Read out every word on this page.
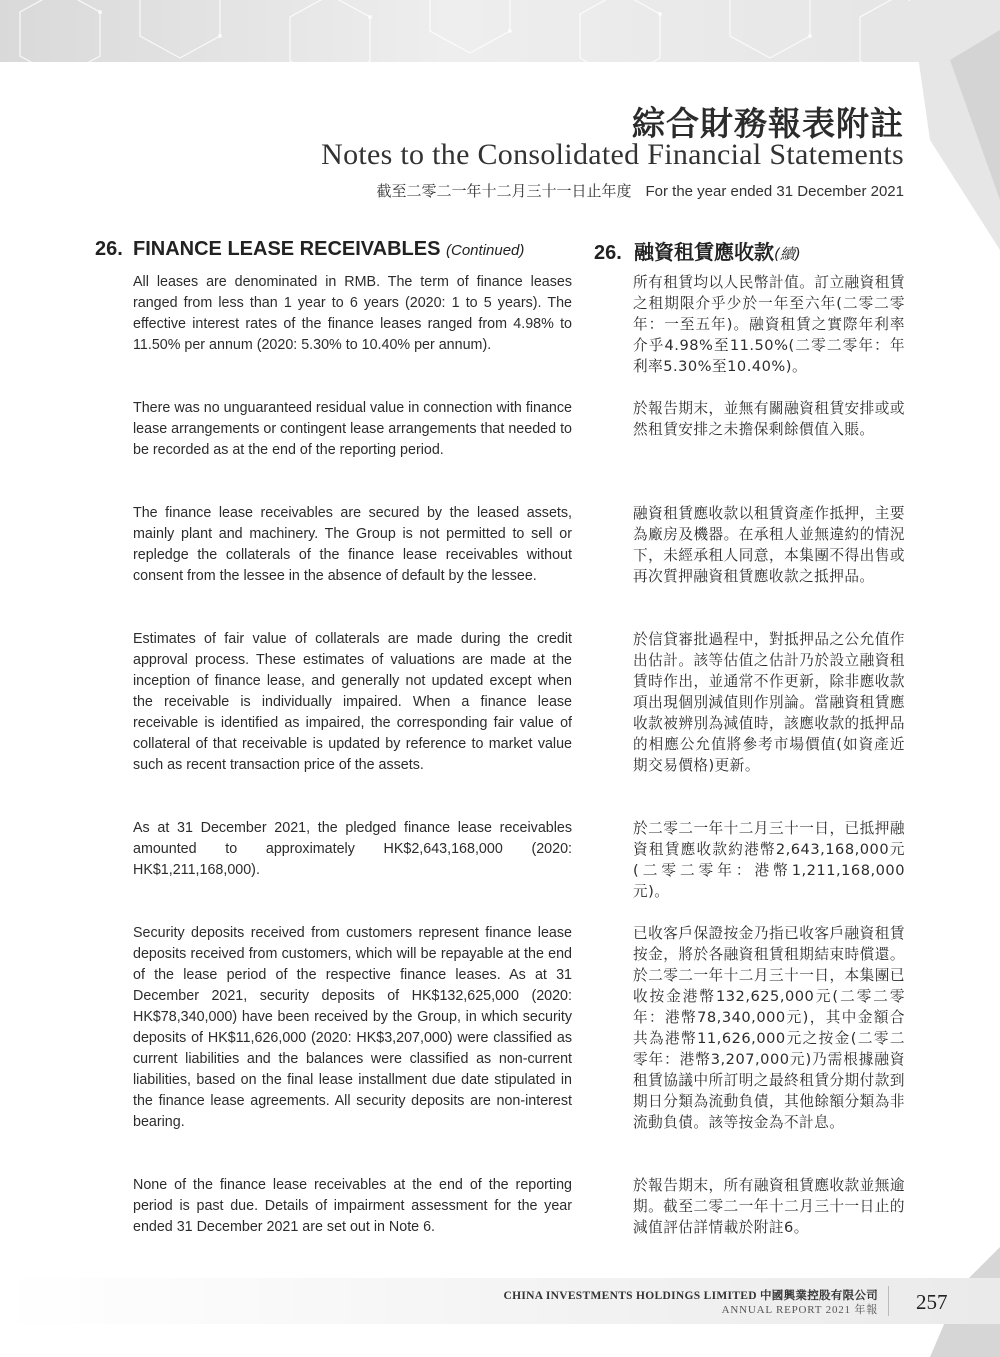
綜合財務報表附註
Notes to the Consolidated Financial Statements
截至二零二一年十二月三十一日止年度 For the year ended 31 December 2021
26. FINANCE LEASE RECEIVABLES (Continued)	26. 融資租賃應收款(續)

All leases are denominated in RMB. The term of finance leases ranged from less than 1 year to 6 years (2020: 1 to 5 years). The effective interest rates of the finance leases ranged from 4.98% to 11.50% per annum (2020: 5.30% to 10.40% per annum).

There was no unguaranteed residual value in connection with finance lease arrangements or contingent lease arrangements that needed to be recorded as at the end of the reporting period.

The finance lease receivables are secured by the leased assets, mainly plant and machinery. The Group is not permitted to sell or repledge the collaterals of the finance lease receivables without consent from the lessee in the absence of default by the lessee.

Estimates of fair value of collaterals are made during the credit approval process. These estimates of valuations are made at the inception of finance lease, and generally not updated except when the receivable is individually impaired. When a finance lease receivable is identified as impaired, the corresponding fair value of collateral of that receivable is updated by reference to market value such as recent transaction price of the assets.

As at 31 December 2021, the pledged finance lease receivables amounted to approximately HK$2,643,168,000 (2020: HK$1,211,168,000).

Security deposits received from customers represent finance lease deposits received from customers, which will be repayable at the end of the lease period of the respective finance leases. As at 31 December 2021, security deposits of HK$132,625,000 (2020: HK$78,340,000) have been received by the Group, in which security deposits of HK$11,626,000 (2020: HK$3,207,000) were classified as current liabilities and the balances were classified as non-current liabilities, based on the final lease installment due date stipulated in the finance lease agreements. All security deposits are non-interest bearing.

None of the finance lease receivables at the end of the reporting period is past due. Details of impairment assessment for the year ended 31 December 2021 are set out in Note 6.

所有租賃均以人民幣計值。訂立融資租賃之租期限介乎少於一年至六年(二零二零年：一至五年)。融資租賃之實際年利率介乎4.98%至11.50%(二零二零年：年利率5.30%至10.40%)。

於報告期末，並無有關融資租賃安排或或然租賃安排之未擔保剩餘價值入賬。

融資租賃應收款以租賃資產作抵押，主要為廠房及機器。在承租人並無違約的情況下，未經承租人同意，本集團不得出售或再次質押融資租賃應收款之抵押品。

於信貸審批過程中，對抵押品之公允值作出估計。該等估值之估計乃於設立融資租賃時作出，並通常不作更新，除非應收款項出現個別減值則作別論。當融資租賃應收款被辨別為減值時，該應收款的抵押品的相應公允值將參考市場價值(如資產近期交易價格)更新。

於二零二一年十二月三十一日，已抵押融資租賃應收款約港幣2,643,168,000元(二零二零年：港幣1,211,168,000元)。

已收客戶保證按金乃指已收客戶融資租賃按金，將於各融資租賃租期結束時償還。於二零二一年十二月三十一日，本集團已收按金港幣132,625,000元(二零二零年：港幣78,340,000元)，其中金額合共為港幣11,626,000元之按金(二零二零年：港幣3,207,000元)乃需根據融資租賃協議中所訂明之最終租賃分期付款到期日分類為流動負債，其他餘額分類為非流動負債。該等按金為不計息。

於報告期末，所有融資租賃應收款並無逾期。截至二零二一年十二月三十一日止的減值評估詳情載於附註6。

CHINA INVESTMENTS HOLDINGS LIMITED 中國興業控股有限公司
ANNUAL REPORT 2021 年報 257
